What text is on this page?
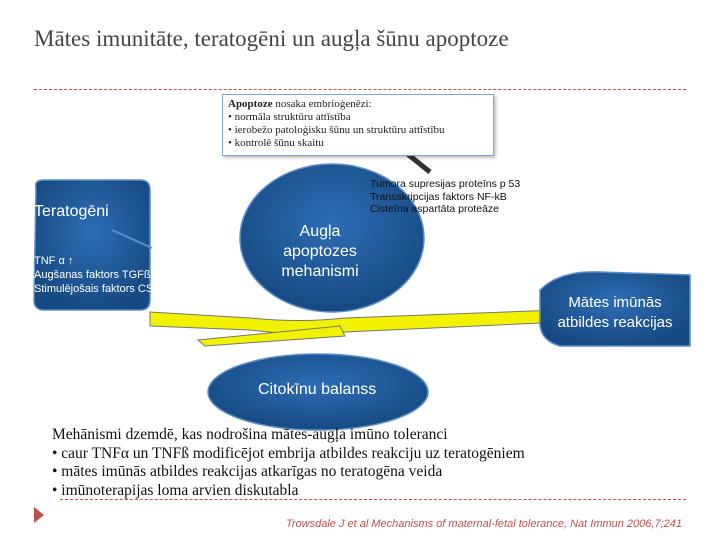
Mātes imunitāte, teratogēni un augļa šūnu apoptoze
Apoptoze nosaka embrioģenēzi:
• normāla struktūru attīstība
• ierobežo patoloģisku šūnu un struktūru attīstību
• kontrolē šūnu skaitu
Teratogēni
TNF α ↑
Augšanas faktors TGFß2↓
Stimulējošais faktors CSF-1 ↓
Augļa
apoptozes
mehanismi
Tumora supresijas proteīns p 53
Transskripcijas faktors NF-kB
Cisteīna aspartāta proteāze
Mātes imūnās
atbildes reakcijas
Citokīnu balanss
Mehānismi dzemdē, kas nodrošina mātes-augļa imūno toleranci
• caur TNFα un TNFß modificējot embrija atbildes reakciju uz teratogēniem
• mātes imūnās atbildes reakcijas atkarīgas no teratogēna veida
• imūnoterapijas loma arvien diskutabla
Trowsdale J et al Mechanisms of maternal-fetal tolerance, Nat Immun 2006,7;241
